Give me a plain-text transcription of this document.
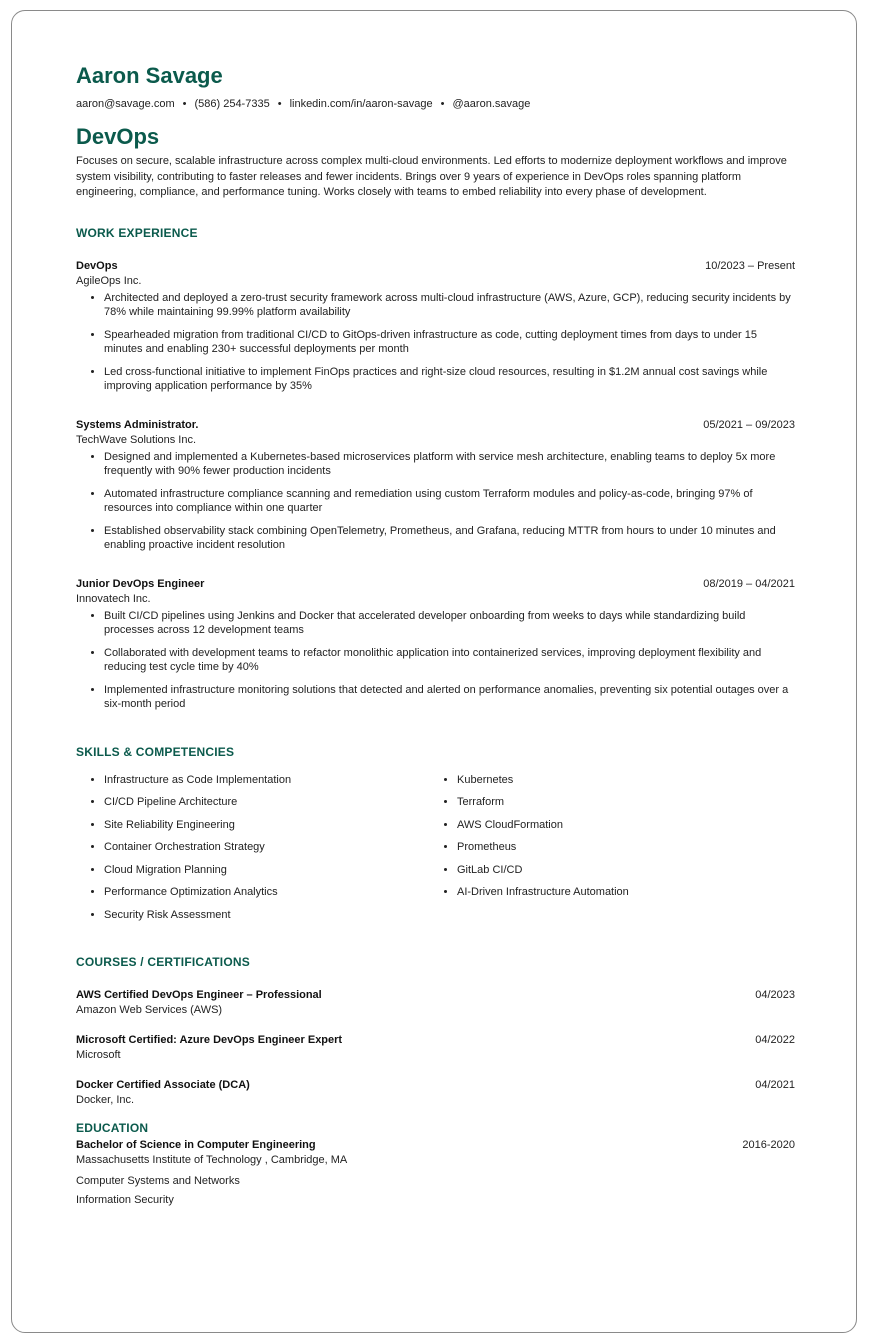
Aaron Savage
aaron@savage.com • (586) 254-7335 • linkedin.com/in/aaron-savage • @aaron.savage
DevOps
Focuses on secure, scalable infrastructure across complex multi-cloud environments. Led efforts to modernize deployment workflows and improve system visibility, contributing to faster releases and fewer incidents. Brings over 9 years of experience in DevOps roles spanning platform engineering, compliance, and performance tuning. Works closely with teams to embed reliability into every phase of development.
WORK EXPERIENCE
DevOps	10/2023 – Present
AgileOps Inc.
• Architected and deployed a zero-trust security framework across multi-cloud infrastructure (AWS, Azure, GCP), reducing security incidents by 78% while maintaining 99.99% platform availability
• Spearheaded migration from traditional CI/CD to GitOps-driven infrastructure as code, cutting deployment times from days to under 15 minutes and enabling 230+ successful deployments per month
• Led cross-functional initiative to implement FinOps practices and right-size cloud resources, resulting in $1.2M annual cost savings while improving application performance by 35%
Systems Administrator.	05/2021 – 09/2023
TechWave Solutions Inc.
• Designed and implemented a Kubernetes-based microservices platform with service mesh architecture, enabling teams to deploy 5x more frequently with 90% fewer production incidents
• Automated infrastructure compliance scanning and remediation using custom Terraform modules and policy-as-code, bringing 97% of resources into compliance within one quarter
• Established observability stack combining OpenTelemetry, Prometheus, and Grafana, reducing MTTR from hours to under 10 minutes and enabling proactive incident resolution
Junior DevOps Engineer	08/2019 – 04/2021
Innovatech Inc.
• Built CI/CD pipelines using Jenkins and Docker that accelerated developer onboarding from weeks to days while standardizing build processes across 12 development teams
• Collaborated with development teams to refactor monolithic application into containerized services, improving deployment flexibility and reducing test cycle time by 40%
• Implemented infrastructure monitoring solutions that detected and alerted on performance anomalies, preventing six potential outages over a six-month period
SKILLS & COMPETENCIES
• Infrastructure as Code Implementation
• CI/CD Pipeline Architecture
• Site Reliability Engineering
• Container Orchestration Strategy
• Cloud Migration Planning
• Performance Optimization Analytics
• Security Risk Assessment
• Kubernetes
• Terraform
• AWS CloudFormation
• Prometheus
• GitLab CI/CD
• AI-Driven Infrastructure Automation
COURSES / CERTIFICATIONS
AWS Certified DevOps Engineer – Professional	04/2023
Amazon Web Services (AWS)
Microsoft Certified: Azure DevOps Engineer Expert	04/2022
Microsoft
Docker Certified Associate (DCA)	04/2021
Docker, Inc.
EDUCATION
Bachelor of Science in Computer Engineering	2016-2020
Massachusetts Institute of Technology , Cambridge, MA
Computer Systems and Networks
Information Security
